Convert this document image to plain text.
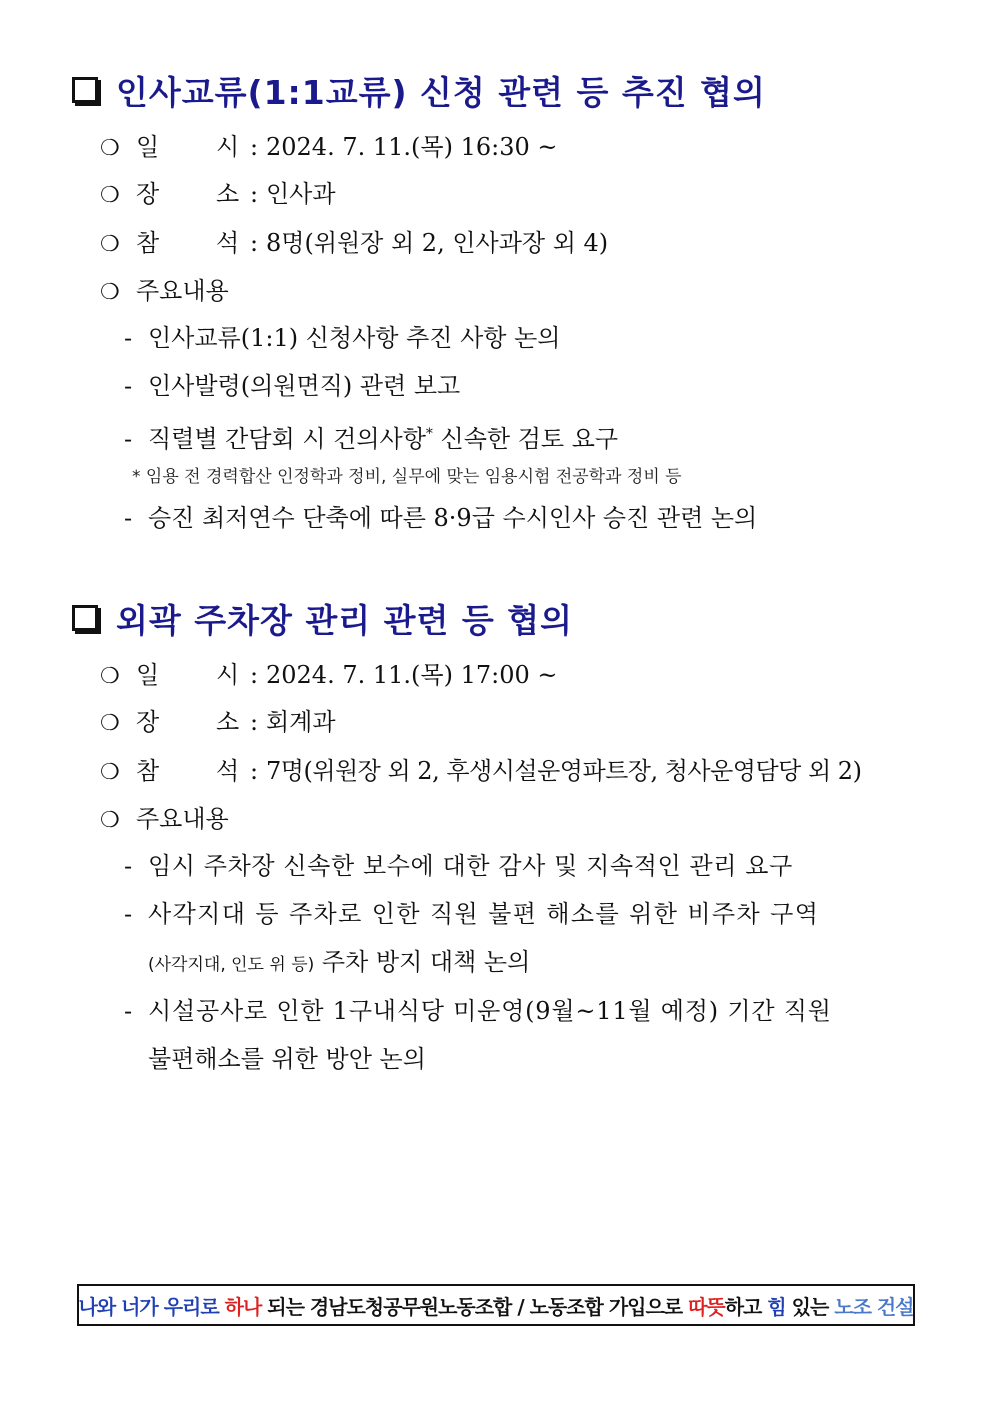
인사교류(1:1교류) 신청 관련 등 추진 협의
❍ 일 시 : 2024. 7. 11.(목) 16:30 ~
❍ 장 소 : 인사과
❍ 참 석 : 8명(위원장 외 2, 인사과장 외 4)
❍ 주요내용
- 인사교류(1:1) 신청사항 추진 사항 논의
- 인사발령(의원면직) 관련 보고
- 직렬별 간담회 시 건의사항* 신속한 검토 요구
* 임용 전 경력합산 인정학과 정비, 실무에 맞는 임용시험 전공학과 정비 등
- 승진 최저연수 단축에 따른 8·9급 수시인사 승진 관련 논의
외곽 주차장 관리 관련 등 협의
❍ 일 시 : 2024. 7. 11.(목) 17:00 ~
❍ 장 소 : 회계과
❍ 참 석 : 7명(위원장 외 2, 후생시설운영파트장, 청사운영담당 외 2)
❍ 주요내용
- 임시 주차장 신속한 보수에 대한 감사 및 지속적인 관리 요구
- 사각지대 등 주차로 인한 직원 불편 해소를 위한 비주차 구역
(사각지대, 인도 위 등) 주차 방지 대책 논의
- 시설공사로 인한 1구내식당 미운영(9월~11월 예정) 기간 직원
불편해소를 위한 방안 논의
나와 너가 우리로 하나 되는 경남도청공무원노동조합 / 노동조합 가입으로 따뜻 하고 힘 있는 노조 건설
